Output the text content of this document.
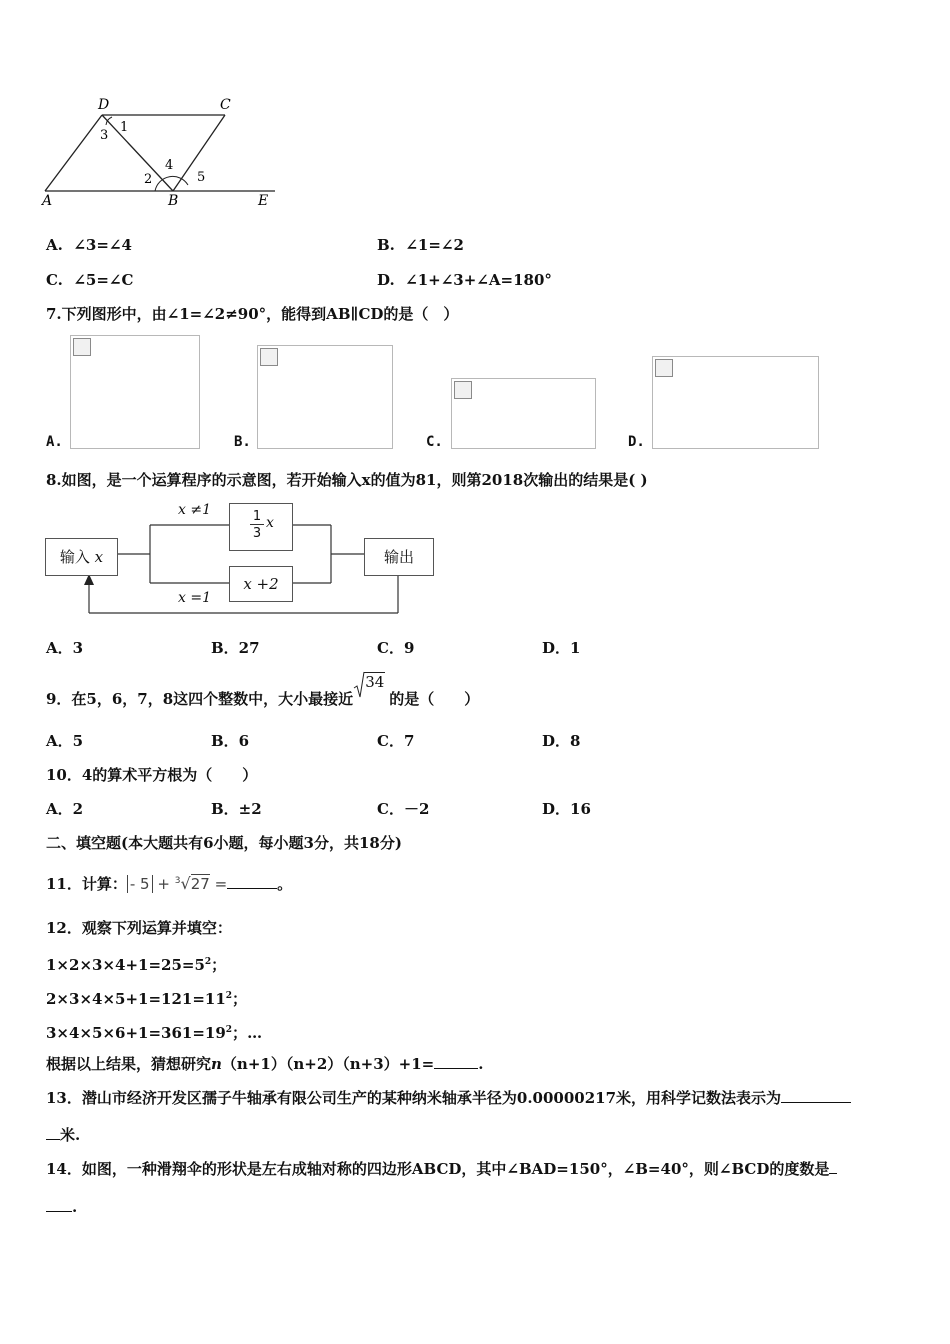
D	C
A	B	E
1
2
3
4
5
A. ∠3=∠4	B. ∠1=∠2
C. ∠5=∠C	D. ∠1+∠3+∠A=180°
7.下列图形中，由∠1=∠2≠90°，能得到AB∥CD的是（　）
A.	B.	C.	D.
8.如图，是一个运算程序的示意图，若开始输入x的值为81，则第2018次输出的结果是( )
输入 x
1
3
x
x +2
输出
x ≠1
x =1
A．3	B．27	C．9	D．1
9．在5，6，7，8这四个整数中，大小最接近
34
的是（　　）
A．5	B．6	C．7	D．8
10．4的算术平方根为（　　）
A．2	B．±2	C．－2	D．16
二、填空题(本大题共有6小题，每小题3分，共18分)
11．计算： - 5 + $^3$√27 =	。
12．观察下列运算并填空：
$1\times 2\times 3\times 4+1=25=5^2$；
$2\times 3\times 4\times 5+1=121=11^2$；
$3\times 4\times 5\times 6+1=361=19^2$；…
根据以上结果，猜想研究n（n+1）（n+2）（n+3）+1=	.
13．潜山市经济开发区孺子牛轴承有限公司生产的某种纳米轴承半径为0.00000217米，用科学记数法表示为
米.
14．如图，一种滑翔伞的形状是左右成轴对称的四边形ABCD，其中∠BAD=150°，∠B=40°，则∠BCD的度数是
.
